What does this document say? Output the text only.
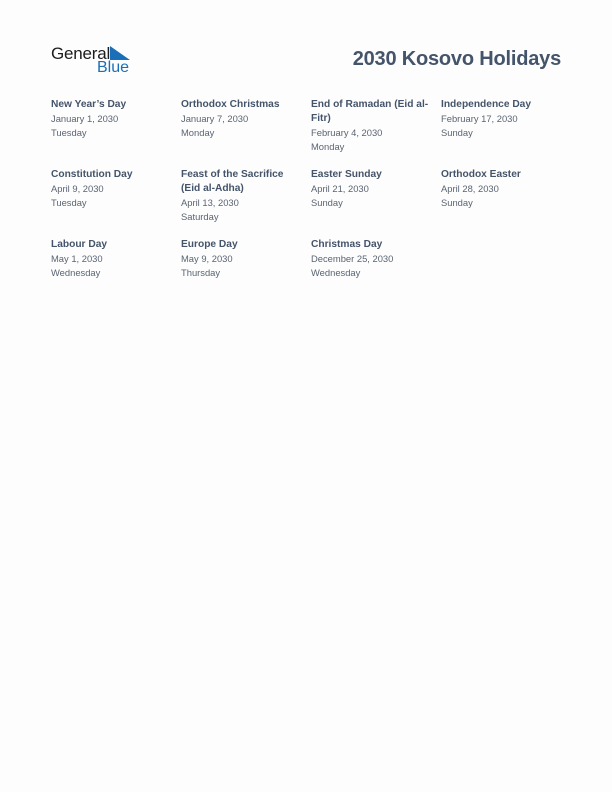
General
Blue	2030 Kosovo Holidays
New Year’s Day
January 1, 2030
Tuesday
Orthodox Christmas
January 7, 2030
Monday
End of Ramadan (Eid al-Fitr)
February 4, 2030
Monday
Independence Day
February 17, 2030
Sunday
Constitution Day
April 9, 2030
Tuesday
Feast of the Sacrifice (Eid al-Adha)
April 13, 2030
Saturday
Easter Sunday
April 21, 2030
Sunday
Orthodox Easter
April 28, 2030
Sunday
Labour Day
May 1, 2030
Wednesday
Europe Day
May 9, 2030
Thursday
Christmas Day
December 25, 2030
Wednesday
